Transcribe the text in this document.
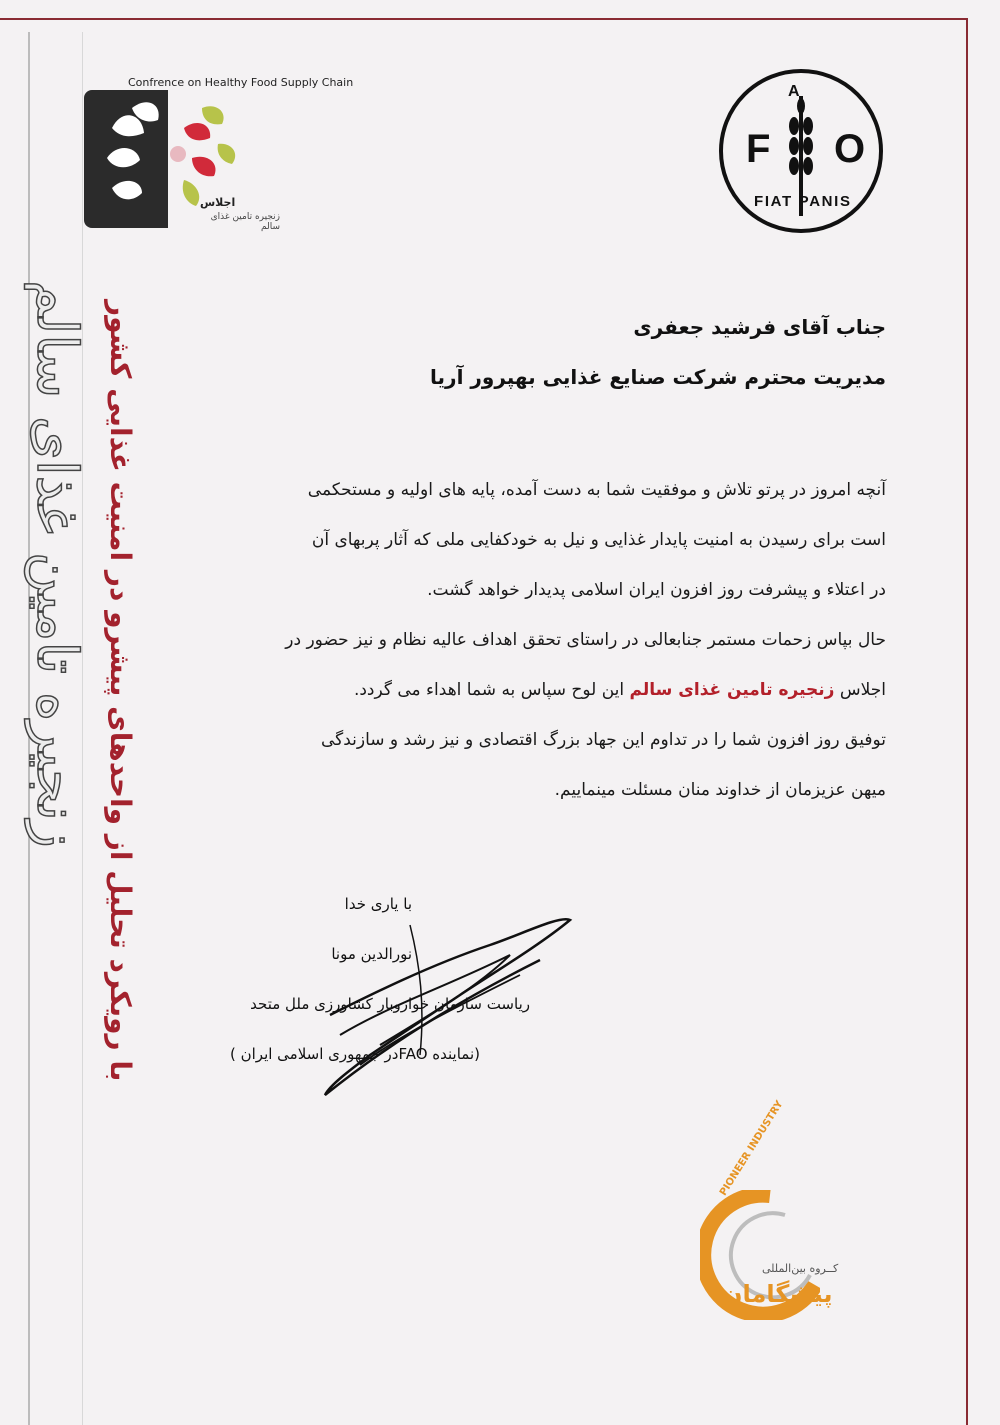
Confrence on Healthy Food Supply Chain
اجلاس
زنجیره تامین غذای سالم
F O
A
FIAT PANIS
زنجیره تامین غذای سالم با رویکرد تحلیل از واحدهای پیشرو در امنیت غذایی کشور	جناب آقای فرشید جعفری
مدیریت محترم شرکت صنایع غذایی بهپرور آریا
آنچه امروز در پرتو تلاش و موفقیت شما به دست آمده، پایه های اولیه و مستحکمی
است برای رسیدن به امنیت پایدار غذایی و نیل به خودکفایی ملی که آثار پربهای آن
در اعتلاء و پیشرفت روز افزون ایران اسلامی پدیدار خواهد گشت.
حال بپاس زحمات مستمر جنابعالی در راستای تحقق اهداف عالیه نظام و نیز حضور در
اجلاس زنجیره تامین غذای سالم این لوح سپاس به شما اهداء می گردد.
توفیق روز افزون شما را در تداوم این جهاد بزرگ اقتصادی و نیز رشد و سازندگی
میهن عزیزمان از خداوند منان مسئلت مینماییم.
با یاری خدا
نورالدین مونا
ریاست سازمان خواروبار کشاورزی ملل متحد
(نماینده FAOدر جمهوری اسلامی ایران )
PIONEER INDUSTRY
کــروه بین‌المللی
پیشگامان
